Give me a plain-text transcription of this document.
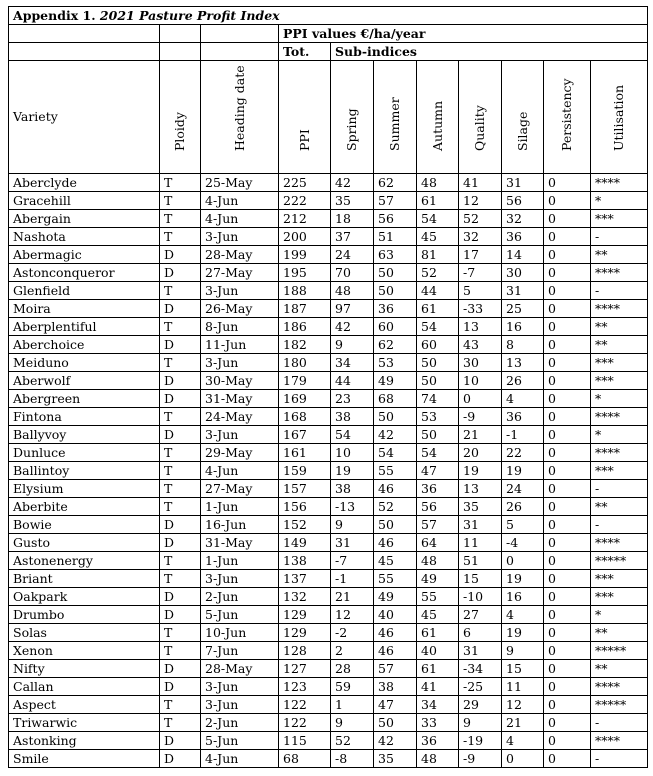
Appendix 1. 2021 Pasture Profit Index										
			PPI values €/ha/year							
			Tot.	Sub-indices						
Variety	Ploidy	Heading date	PPI	Spring	Summer	Autumn	Quality	Silage	Persistency	Utilisation

Aberclyde	T	25-May	225	42	62	48	41	31	0	****
Gracehill	T	4-Jun	222	35	57	61	12	56	0	*
Abergain	T	4-Jun	212	18	56	54	52	32	0	***
Nashota	T	3-Jun	200	37	51	45	32	36	0	-
Abermagic	D	28-May	199	24	63	81	17	14	0	**
Astonconqueror	D	27-May	195	70	50	52	-7	30	0	****
Glenfield	T	3-Jun	188	48	50	44	5	31	0	-
Moira	D	26-May	187	97	36	61	-33	25	0	****
Aberplentiful	T	8-Jun	186	42	60	54	13	16	0	**
Aberchoice	D	11-Jun	182	9	62	60	43	8	0	**
Meiduno	T	3-Jun	180	34	53	50	30	13	0	***
Aberwolf	D	30-May	179	44	49	50	10	26	0	***
Abergreen	D	31-May	169	23	68	74	0	4	0	*
Fintona	T	24-May	168	38	50	53	-9	36	0	****
Ballyvoy	D	3-Jun	167	54	42	50	21	-1	0	*
Dunluce	T	29-May	161	10	54	54	20	22	0	****
Ballintoy	T	4-Jun	159	19	55	47	19	19	0	***
Elysium	T	27-May	157	38	46	36	13	24	0	-
Aberbite	T	1-Jun	156	-13	52	56	35	26	0	**
Bowie	D	16-Jun	152	9	50	57	31	5	0	-
Gusto	D	31-May	149	31	46	64	11	-4	0	****
Astonenergy	T	1-Jun	138	-7	45	48	51	0	0	*****
Briant	T	3-Jun	137	-1	55	49	15	19	0	***
Oakpark	D	2-Jun	132	21	49	55	-10	16	0	***
Drumbo	D	5-Jun	129	12	40	45	27	4	0	*
Solas	T	10-Jun	129	-2	46	61	6	19	0	**
Xenon	T	7-Jun	128	2	46	40	31	9	0	*****
Nifty	D	28-May	127	28	57	61	-34	15	0	**
Callan	D	3-Jun	123	59	38	41	-25	11	0	****
Aspect	T	3-Jun	122	1	47	34	29	12	0	*****
Triwarwic	T	2-Jun	122	9	50	33	9	21	0	-
Astonking	D	5-Jun	115	52	42	36	-19	4	0	****
Smile	D	4-Jun	68	-8	35	48	-9	0	0	-
